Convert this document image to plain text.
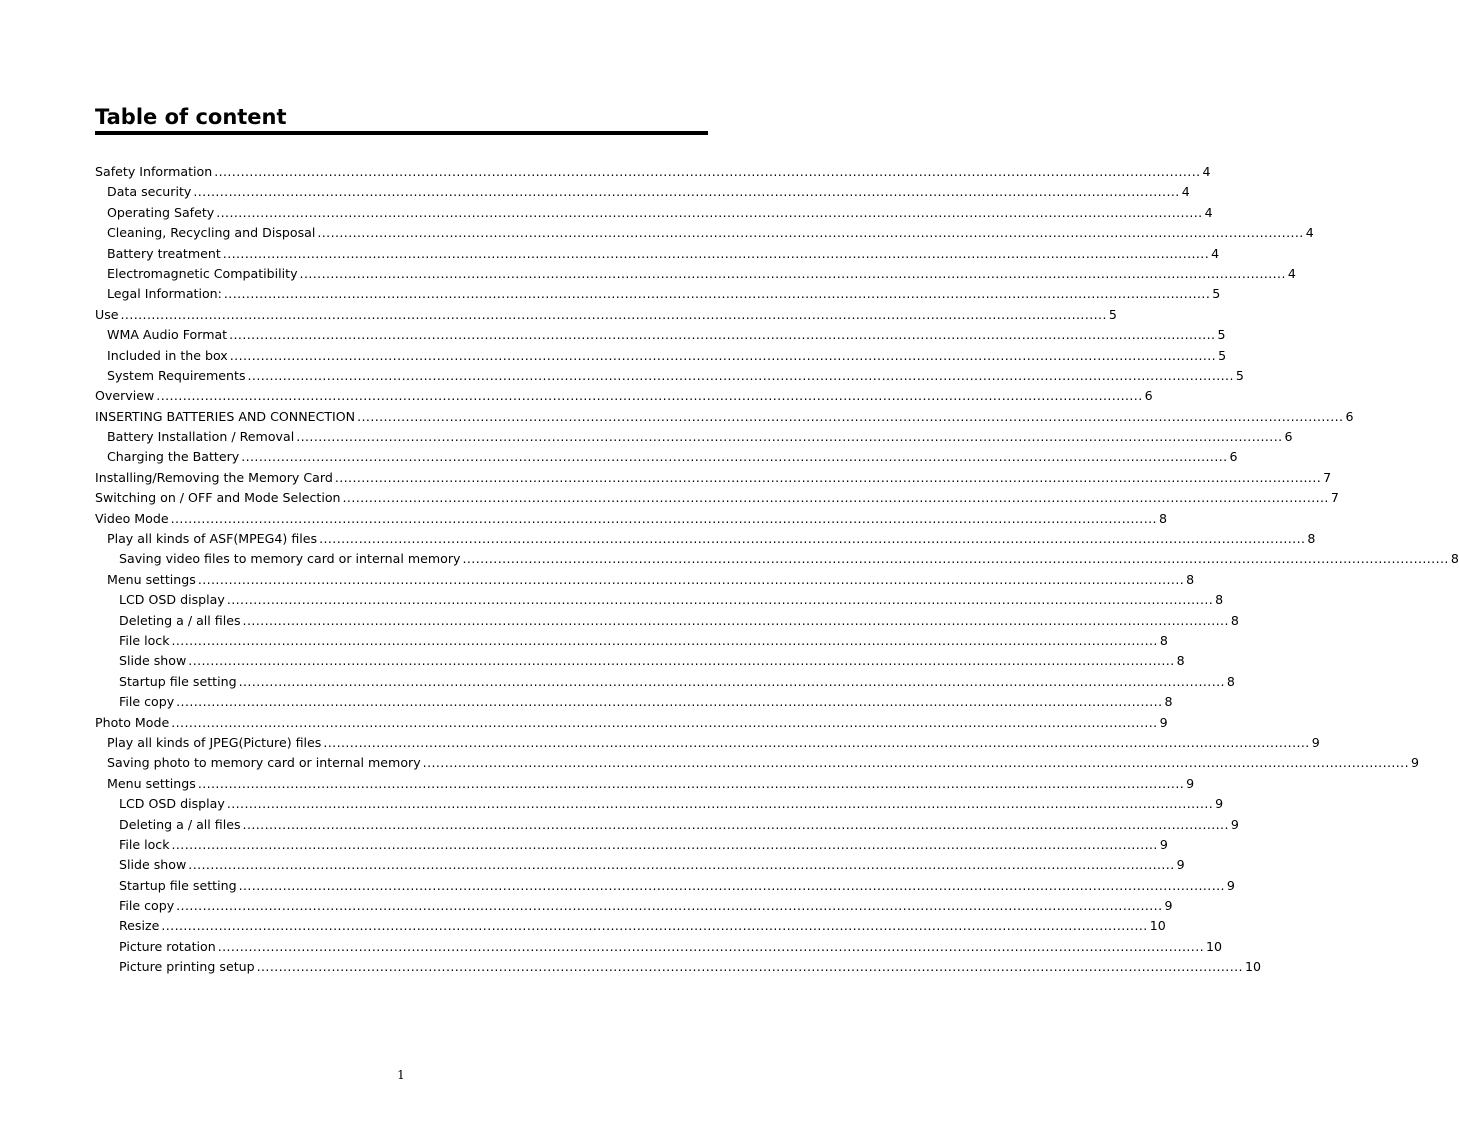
Table of content
Safety Information ................................................................................................................................................................................................................................ 4
Data security ................................................................................................................................................................................................................................ 4
Operating Safety ................................................................................................................................................................................................................................ 4
Cleaning, Recycling and Disposal ................................................................................................................................................................................................................................ 4
Battery treatment ................................................................................................................................................................................................................................ 4
Electromagnetic Compatibility ................................................................................................................................................................................................................................ 4
Legal Information: ................................................................................................................................................................................................................................ 5
Use ................................................................................................................................................................................................................................ 5
WMA Audio Format ................................................................................................................................................................................................................................ 5
Included in the box ................................................................................................................................................................................................................................ 5
System Requirements ................................................................................................................................................................................................................................ 5
Overview ................................................................................................................................................................................................................................ 6
INSERTING BATTERIES AND CONNECTION ................................................................................................................................................................................................................................ 6
Battery Installation / Removal ................................................................................................................................................................................................................................ 6
Charging the Battery ................................................................................................................................................................................................................................ 6
Installing/Removing the Memory Card ................................................................................................................................................................................................................................ 7
Switching on / OFF and Mode Selection ................................................................................................................................................................................................................................ 7
Video Mode ................................................................................................................................................................................................................................ 8
Play all kinds of ASF(MPEG4) files ................................................................................................................................................................................................................................ 8
Saving video files to memory card or internal memory ................................................................................................................................................................................................................................ 8
Menu settings ................................................................................................................................................................................................................................ 8
LCD OSD display ................................................................................................................................................................................................................................ 8
Deleting a / all files ................................................................................................................................................................................................................................ 8
File lock ................................................................................................................................................................................................................................ 8
Slide show ................................................................................................................................................................................................................................ 8
Startup file setting ................................................................................................................................................................................................................................ 8
File copy ................................................................................................................................................................................................................................ 8
Photo Mode ................................................................................................................................................................................................................................ 9
Play all kinds of JPEG(Picture) files ................................................................................................................................................................................................................................ 9
Saving photo to memory card or internal memory ................................................................................................................................................................................................................................ 9
Menu settings ................................................................................................................................................................................................................................ 9
LCD OSD display ................................................................................................................................................................................................................................ 9
Deleting a / all files ................................................................................................................................................................................................................................ 9
File lock ................................................................................................................................................................................................................................ 9
Slide show ................................................................................................................................................................................................................................ 9
Startup file setting ................................................................................................................................................................................................................................ 9
File copy ................................................................................................................................................................................................................................ 9
Resize ................................................................................................................................................................................................................................ 10
Picture rotation ................................................................................................................................................................................................................................ 10
Picture printing setup ................................................................................................................................................................................................................................ 10
1
